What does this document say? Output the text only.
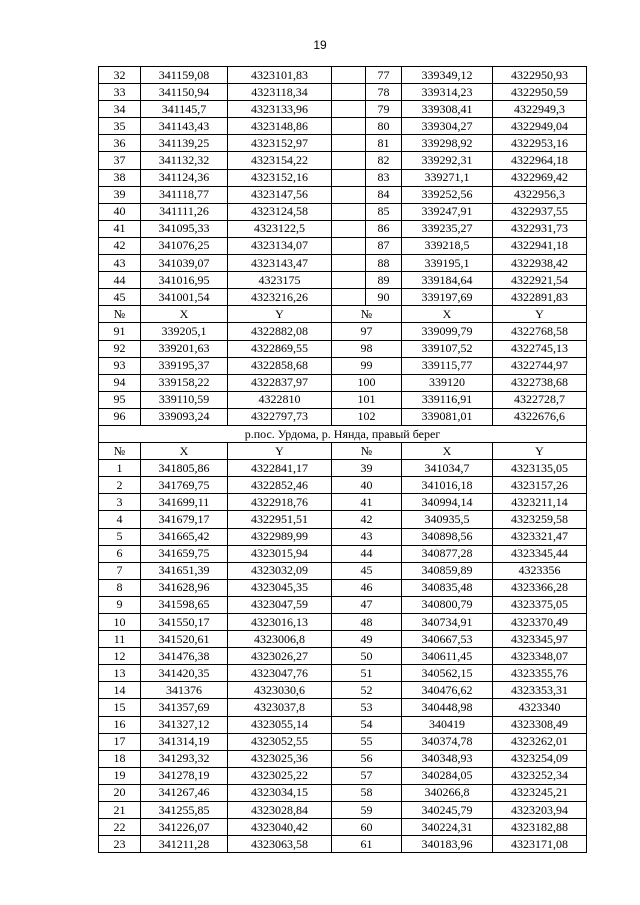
19
32	341159,08	4323101,83		77	339349,12	4322950,93
33	341150,94	4323118,34		78	339314,23	4322950,59
34	341145,7	4323133,96		79	339308,41	4322949,3
35	341143,43	4323148,86		80	339304,27	4322949,04
36	341139,25	4323152,97		81	339298,92	4322953,16
37	341132,32	4323154,22		82	339292,31	4322964,18
38	341124,36	4323152,16		83	339271,1	4322969,42
39	341118,77	4323147,56		84	339252,56	4322956,3
40	341111,26	4323124,58		85	339247,91	4322937,55
41	341095,33	4323122,5		86	339235,27	4322931,73
42	341076,25	4323134,07		87	339218,5	4322941,18
43	341039,07	4323143,47		88	339195,1	4322938,42
44	341016,95	4323175		89	339184,64	4322921,54
45	341001,54	4323216,26		90	339197,69	4322891,83
№	X	Y	№		X	Y
91	339205,1	4322882,08	97		339099,79	4322768,58
92	339201,63	4322869,55	98		339107,52	4322745,13
93	339195,37	4322858,68	99		339115,77	4322744,97
94	339158,22	4322837,97	100		339120	4322738,68
95	339110,59	4322810	101		339116,91	4322728,7
96	339093,24	4322797,73	102		339081,01	4322676,6
р.пос. Урдома, р. Нянда, правый берег						
№	X	Y	№		X	Y
1	341805,86	4322841,17	39		341034,7	4323135,05
2	341769,75	4322852,46	40		341016,18	4323157,26
3	341699,11	4322918,76	41		340994,14	4323211,14
4	341679,17	4322951,51	42		340935,5	4323259,58
5	341665,42	4322989,99	43		340898,56	4323321,47
6	341659,75	4323015,94	44		340877,28	4323345,44
7	341651,39	4323032,09	45		340859,89	4323356
8	341628,96	4323045,35	46		340835,48	4323366,28
9	341598,65	4323047,59	47		340800,79	4323375,05
10	341550,17	4323016,13	48		340734,91	4323370,49
11	341520,61	4323006,8	49		340667,53	4323345,97
12	341476,38	4323026,27	50		340611,45	4323348,07
13	341420,35	4323047,76	51		340562,15	4323355,76
14	341376	4323030,6	52		340476,62	4323353,31
15	341357,69	4323037,8	53		340448,98	4323340
16	341327,12	4323055,14	54		340419	4323308,49
17	341314,19	4323052,55	55		340374,78	4323262,01
18	341293,32	4323025,36	56		340348,93	4323254,09
19	341278,19	4323025,22	57		340284,05	4323252,34
20	341267,46	4323034,15	58		340266,8	4323245,21
21	341255,85	4323028,84	59		340245,79	4323203,94
22	341226,07	4323040,42	60		340224,31	4323182,88
23	341211,28	4323063,58	61		340183,96	4323171,08
